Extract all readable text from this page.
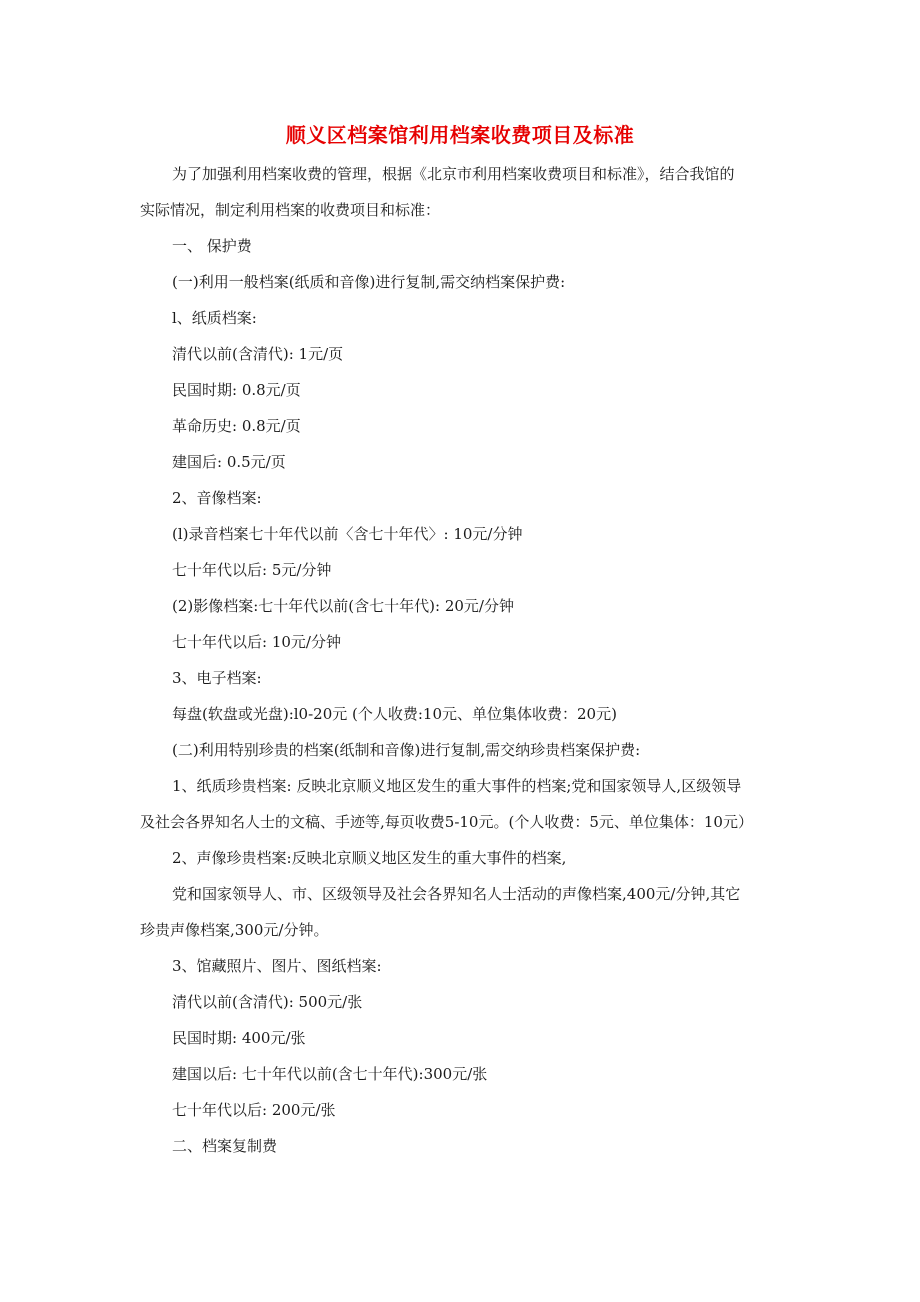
顺义区档案馆利用档案收费项目及标准
为了加强利用档案收费的管理，根据《北京市利用档案收费项目和标准》，结合我馆的
实际情况，制定利用档案的收费项目和标准：
一、 保护费
(一)利用一般档案(纸质和音像)进行复制,需交纳档案保护费:
l、纸质档案:
清代以前(含清代): 1元/页
民国时期: 0.8元/页
革命历史: 0.8元/页
建国后: 0.5元/页
2、音像档案:
(l)录音档案七十年代以前〈含七十年代〉: 10元/分钟
七十年代以后: 5元/分钟
(2)影像档案:七十年代以前(含七十年代): 20元/分钟
七十年代以后: 10元/分钟
3、电子档案:
每盘(软盘或光盘):l0-20元 (个人收费:10元、单位集体收费：20元)
(二)利用特别珍贵的档案(纸制和音像)进行复制,需交纳珍贵档案保护费:
1、纸质珍贵档案: 反映北京顺义地区发生的重大事件的档案;党和国家领导人,区级领导
及社会各界知名人士的文稿、手迹等,每页收费5-10元。(个人收费：5元、单位集体：10元）
2、声像珍贵档案:反映北京顺义地区发生的重大事件的档案,
党和国家领导人、市、区级领导及社会各界知名人士活动的声像档案,400元/分钟,其它
珍贵声像档案,300元/分钟。
3、馆藏照片、图片、图纸档案:
清代以前(含清代): 500元/张
民国时期: 400元/张
建国以后: 七十年代以前(含七十年代):300元/张
七十年代以后: 200元/张
二、档案复制费
